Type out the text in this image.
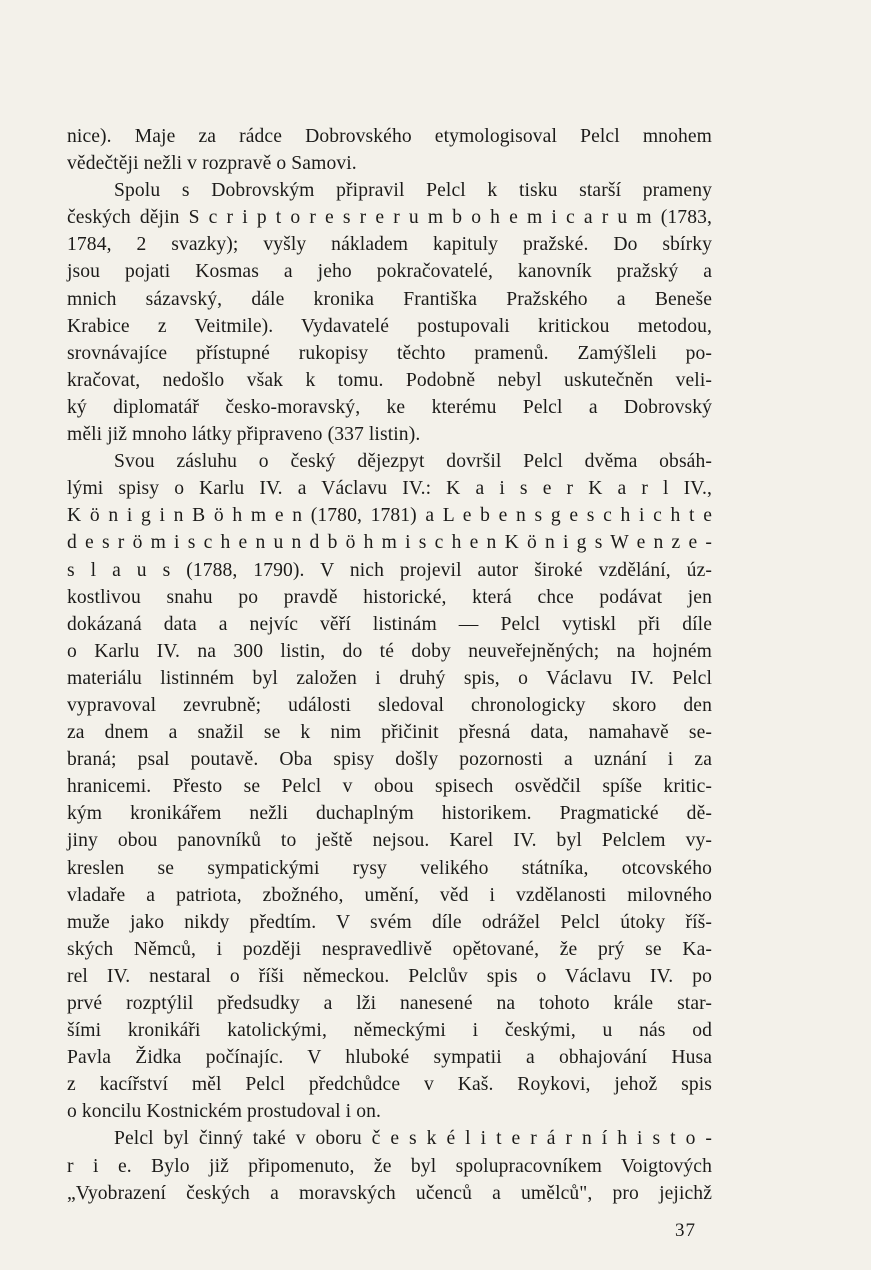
nice). Maje za rádce Dobrovského etymologisoval Pelcl mnohem
vědečtěji nežli v rozpravě o Samovi.
Spolu s Dobrovským připravil Pelcl k tisku starší prameny
českých dějin S c r i p t o r e s r e r u m b o h e m i c a r u m (1783,
1784, 2 svazky); vyšly nákladem kapituly pražské. Do sbírky
jsou pojati Kosmas a jeho pokračovatelé, kanovník pražský a
mnich sázavský, dále kronika Františka Pražského a Beneše
Krabice z Veitmile). Vydavatelé postupovali kritickou metodou,
srovnávajíce přístupné rukopisy těchto pramenů. Zamýšleli po-
kračovat, nedošlo však k tomu. Podobně nebyl uskutečněn veli-
ký diplomatář česko-moravský, ke kterému Pelcl a Dobrovský
měli již mnoho látky připraveno (337 listin).
Svou zásluhu o český dějezpyt dovršil Pelcl dvěma obsáh-
lými spisy o Karlu IV. a Václavu IV.: K a i s e r K a r l IV.,
K ö n i g i n B ö h m e n (1780, 1781) a L e b e n s g e s c h i c h t e
d e s r ö m i s c h e n u n d b ö h m i s c h e n K ö n i g s W e n z e -
s l a u s (1788, 1790). V nich projevil autor široké vzdělání, úz-
kostlivou snahu po pravdě historické, která chce podávat jen
dokázaná data a nejvíc věří listinám — Pelcl vytiskl při díle
o Karlu IV. na 300 listin, do té doby neuveřejněných; na hojném
materiálu listinném byl založen i druhý spis, o Václavu IV. Pelcl
vypravoval zevrubně; události sledoval chronologicky skoro den
za dnem a snažil se k nim přičinit přesná data, namahavě se-
braná; psal poutavě. Oba spisy došly pozornosti a uznání i za
hranicemi. Přesto se Pelcl v obou spisech osvědčil spíše kritic-
kým kronikářem nežli duchaplným historikem. Pragmatické dě-
jiny obou panovníků to ještě nejsou. Karel IV. byl Pelclem vy-
kreslen se sympatickými rysy velikého státníka, otcovského
vladaře a patriota, zbožného, umění, věd i vzdělanosti milovného
muže jako nikdy předtím. V svém díle odrážel Pelcl útoky říš-
ských Němců, i později nespravedlivě opětované, že prý se Ka-
rel IV. nestaral o říši německou. Pelclův spis o Václavu IV. po
prvé rozptýlil předsudky a lži nanesené na tohoto krále star-
šími kronikáři katolickými, německými i českými, u nás od
Pavla Židka počínajíc. V hluboké sympatii a obhajování Husa
z kacířství měl Pelcl předchůdce v Kaš. Roykovi, jehož spis
o koncilu Kostnickém prostudoval i on.
Pelcl byl činný také v oboru č e s k é l i t e r á r n í h i s t o -
r i e. Bylo již připomenuto, že byl spolupracovníkem Voigtových
„Vyobrazení českých a moravských učenců a umělců", pro jejichž
37
